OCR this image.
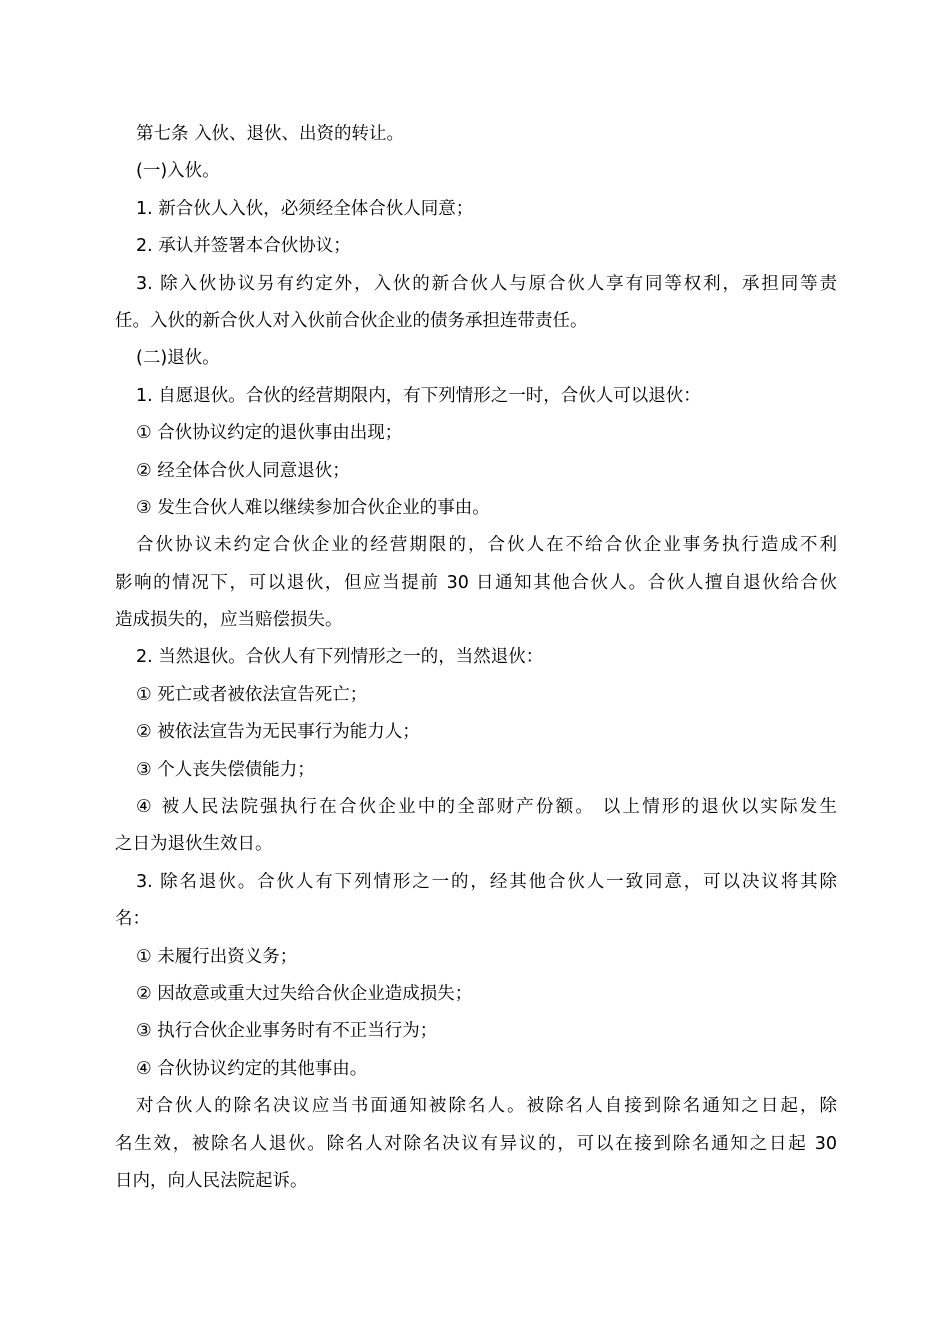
第七条 入伙、退伙、出资的转让。

(一)入伙。

1. 新合伙人入伙，必须经全体合伙人同意；

2. 承认并签署本合伙协议；

3. 除入伙协议另有约定外，入伙的新合伙人与原合伙人享有同等权利，承担同等责

任。入伙的新合伙人对入伙前合伙企业的债务承担连带责任。

(二)退伙。

1. 自愿退伙。合伙的经营期限内，有下列情形之一时，合伙人可以退伙：

① 合伙协议约定的退伙事由出现；

② 经全体合伙人同意退伙；

③ 发生合伙人难以继续参加合伙企业的事由。

合伙协议未约定合伙企业的经营期限的，合伙人在不给合伙企业事务执行造成不利

影响的情况下，可以退伙，但应当提前 30 日通知其他合伙人。合伙人擅自退伙给合伙

造成损失的，应当赔偿损失。

2. 当然退伙。合伙人有下列情形之一的，当然退伙：

① 死亡或者被依法宣告死亡；

② 被依法宣告为无民事行为能力人；

③ 个人丧失偿债能力；

④ 被人民法院强执行在合伙企业中的全部财产份额。 以上情形的退伙以实际发生

之日为退伙生效日。

3. 除名退伙。合伙人有下列情形之一的，经其他合伙人一致同意，可以决议将其除

名：

① 未履行出资义务；

② 因故意或重大过失给合伙企业造成损失；

③ 执行合伙企业事务时有不正当行为；

④ 合伙协议约定的其他事由。

对合伙人的除名决议应当书面通知被除名人。被除名人自接到除名通知之日起，除

名生效，被除名人退伙。除名人对除名决议有异议的，可以在接到除名通知之日起 30

日内，向人民法院起诉。
